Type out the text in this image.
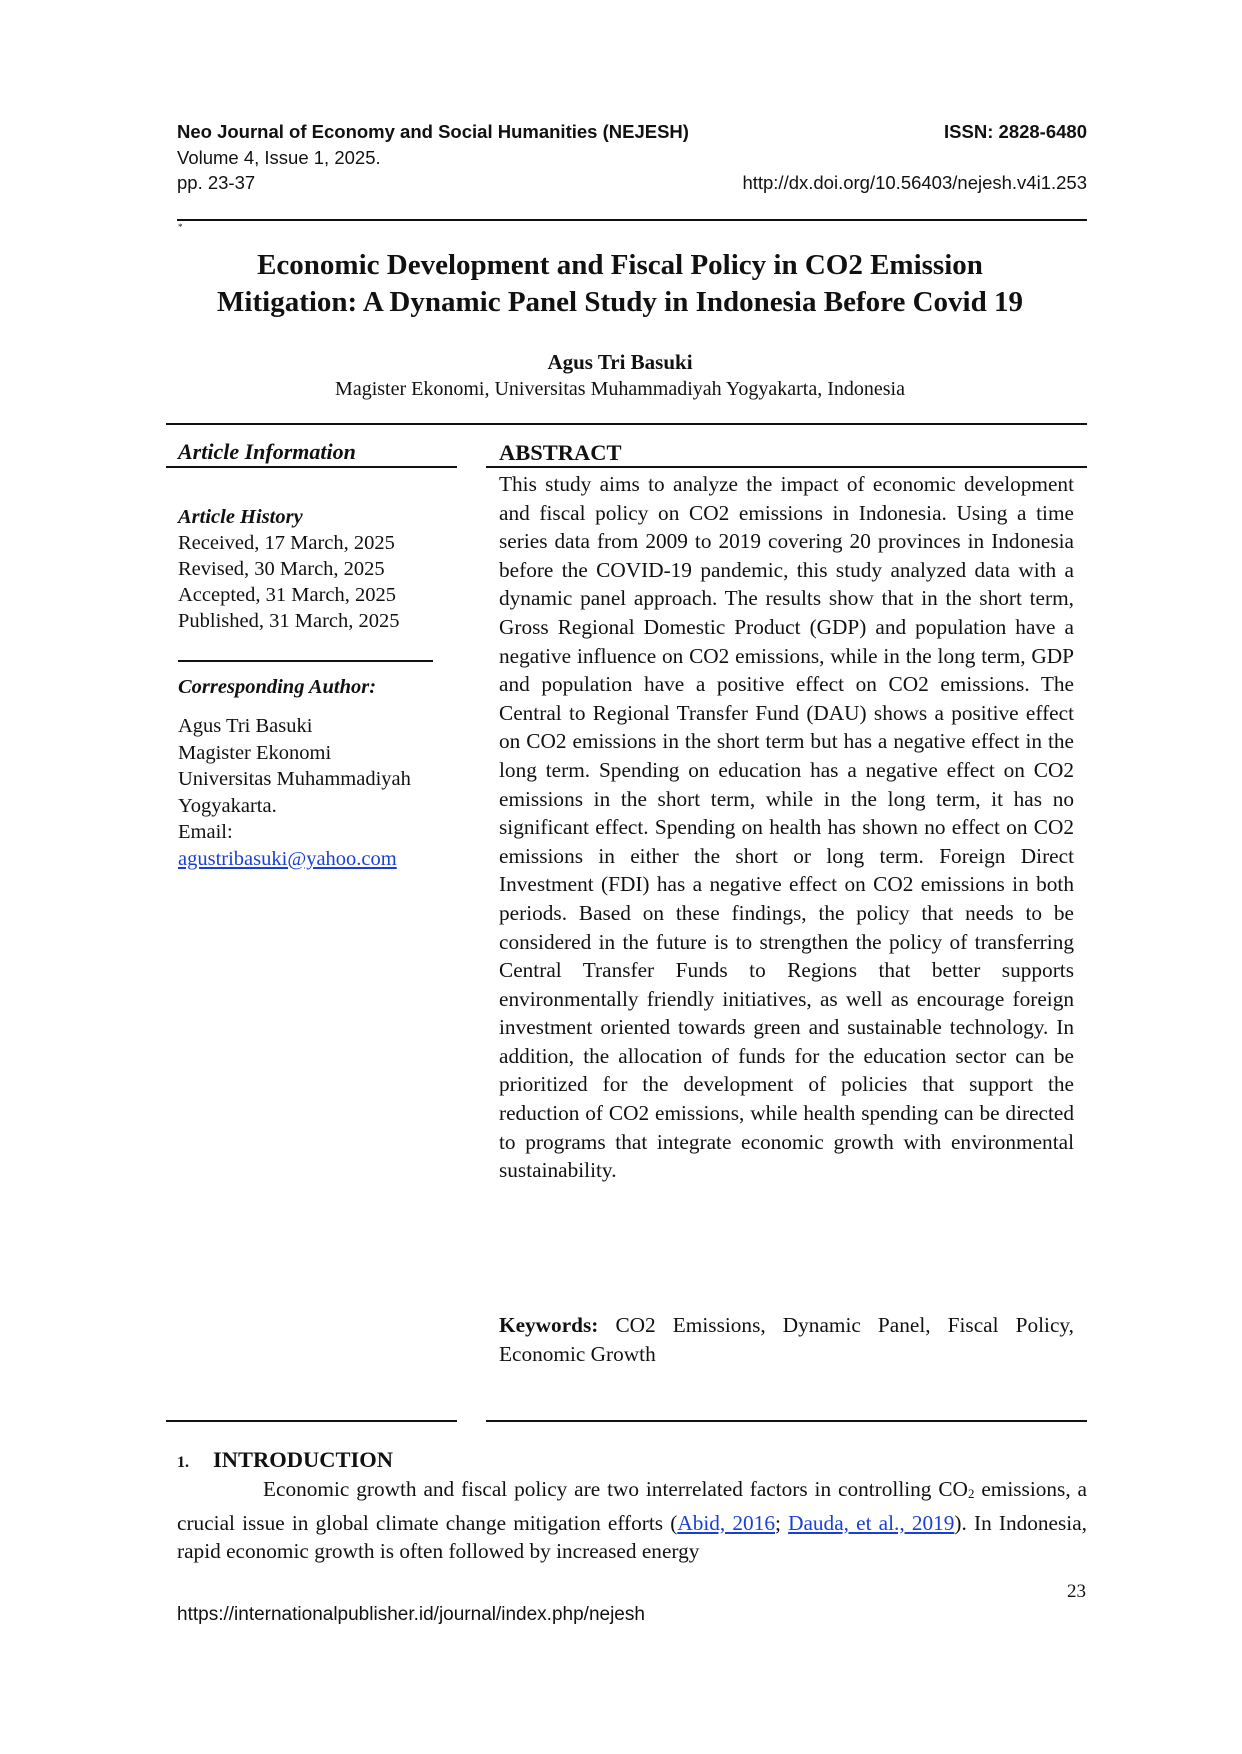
Neo Journal of Economy and Social Humanities (NEJESH)	ISSN: 2828-6480
Volume 4, Issue 1, 2025.
pp. 23-37	http://dx.doi.org/10.56403/nejesh.v4i1.253
*
Economic Development and Fiscal Policy in CO2 Emission
Mitigation: A Dynamic Panel Study in Indonesia Before Covid 19
Agus Tri Basuki
Magister Ekonomi, Universitas Muhammadiyah Yogyakarta, Indonesia
Article Information
Article History
Received, 17 March, 2025
Revised, 30 March, 2025
Accepted, 31 March, 2025
Published, 31 March, 2025
Corresponding Author:
Agus Tri Basuki
Magister Ekonomi
Universitas Muhammadiyah
Yogyakarta.
Email:
agustribasuki@yahoo.com
ABSTRACT
This study aims to analyze the impact of economic development and fiscal policy on CO2 emissions in Indonesia. Using a time series data from 2009 to 2019 covering 20 provinces in Indonesia before the COVID-19 pandemic, this study analyzed data with a dynamic panel approach. The results show that in the short term, Gross Regional Domestic Product (GDP) and population have a negative influence on CO2 emissions, while in the long term, GDP and population have a positive effect on CO2 emissions. The Central to Regional Transfer Fund (DAU) shows a positive effect on CO2 emissions in the short term but has a negative effect in the long term. Spending on education has a negative effect on CO2 emissions in the short term, while in the long term, it has no significant effect. Spending on health has shown no effect on CO2 emissions in either the short or long term. Foreign Direct Investment (FDI) has a negative effect on CO2 emissions in both periods. Based on these findings, the policy that needs to be considered in the future is to strengthen the policy of transferring Central Transfer Funds to Regions that better supports environmentally friendly initiatives, as well as encourage foreign investment oriented towards green and sustainable technology. In addition, the allocation of funds for the education sector can be prioritized for the development of policies that support the reduction of CO2 emissions, while health spending can be directed to programs that integrate economic growth with environmental sustainability.
Keywords: CO2 Emissions, Dynamic Panel, Fiscal Policy, Economic Growth
1. INTRODUCTION
Economic growth and fiscal policy are two interrelated factors in controlling CO2 emissions, a crucial issue in global climate change mitigation efforts (Abid, 2016; Dauda, et al., 2019). In Indonesia, rapid economic growth is often followed by increased energy
23
https://internationalpublisher.id/journal/index.php/nejesh
